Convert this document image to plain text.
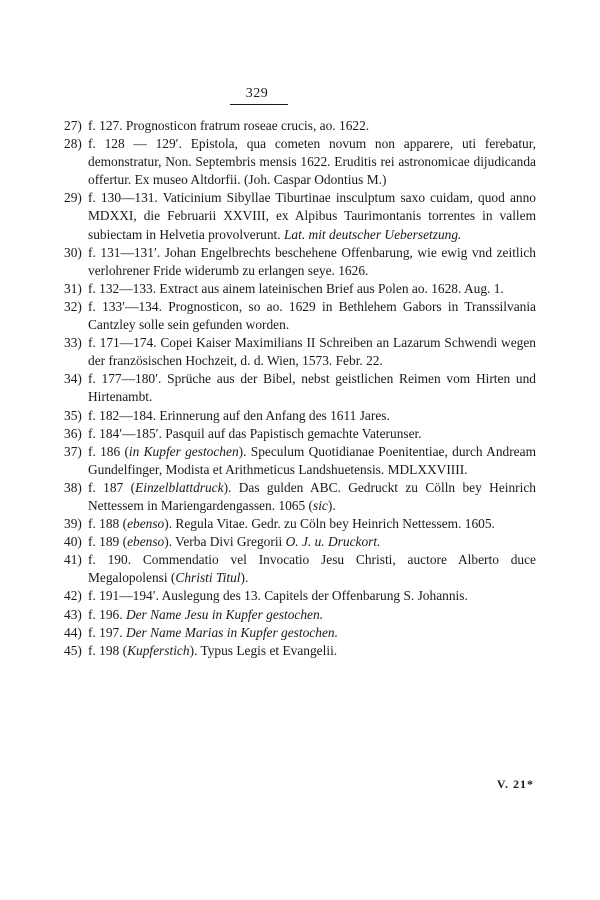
329
27) f. 127. Prognosticon fratrum roseae crucis, ao. 1622.
28) f. 128 — 129′. Epistola, qua cometen novum non apparere, uti ferebatur, demonstratur, Non. Septembris mensis 1622. Eruditis rei astronomicae dijudicanda offertur. Ex museo Altdorfii. (Joh. Caspar Odontius M.)
29) f. 130—131. Vaticinium Sibyllae Tiburtinae insculptum saxo cuidam, quod anno MDXXI, die Februarii XXVIII, ex Alpibus Taurimontanis torrentes in vallem subiectam in Helvetia provolverunt. Lat. mit deutscher Uebersetzung.
30) f. 131—131′. Johan Engelbrechts beschehene Offenbarung, wie ewig vnd zeitlich verlohrener Fride widerumb zu erlangen seye. 1626.
31) f. 132—133. Extract aus ainem lateinischen Brief aus Polen ao. 1628. Aug. 1.
32) f. 133′—134. Prognosticon, so ao. 1629 in Bethlehem Gabors in Transsilvania Cantzley solle sein gefunden worden.
33) f. 171—174. Copei Kaiser Maximilians II Schreiben an Lazarum Schwendi wegen der französischen Hochzeit, d. d. Wien, 1573. Febr. 22.
34) f. 177—180′. Sprüche aus der Bibel, nebst geistlichen Reimen vom Hirten und Hirtenambt.
35) f. 182—184. Erinnerung auf den Anfang des 1611 Jares.
36) f. 184′—185′. Pasquil auf das Papistisch gemachte Vaterunser.
37) f. 186 (in Kupfer gestochen). Speculum Quotidianae Poenitentiae, durch Andream Gundelfinger, Modista et Arithmeticus Landshuetensis. MDLXXVIIII.
38) f. 187 (Einzelblattdruck). Das gulden ABC. Gedruckt zu Cölln bey Heinrich Nettessem in Mariengardengassen. 1065 (sic).
39) f. 188 (ebenso). Regula Vitae. Gedr. zu Cöln bey Heinrich Nettessem. 1605.
40) f. 189 (ebenso). Verba Divi Gregorii O. J. u. Druckort.
41) f. 190. Commendatio vel Invocatio Jesu Christi, auctore Alberto duce Megalopolensi (Christi Titul).
42) f. 191—194′. Auslegung des 13. Capitels der Offenbarung S. Johannis.
43) f. 196. Der Name Jesu in Kupfer gestochen.
44) f. 197. Der Name Marias in Kupfer gestochen.
45) f. 198 (Kupferstich). Typus Legis et Evangelii.
V. 21*
